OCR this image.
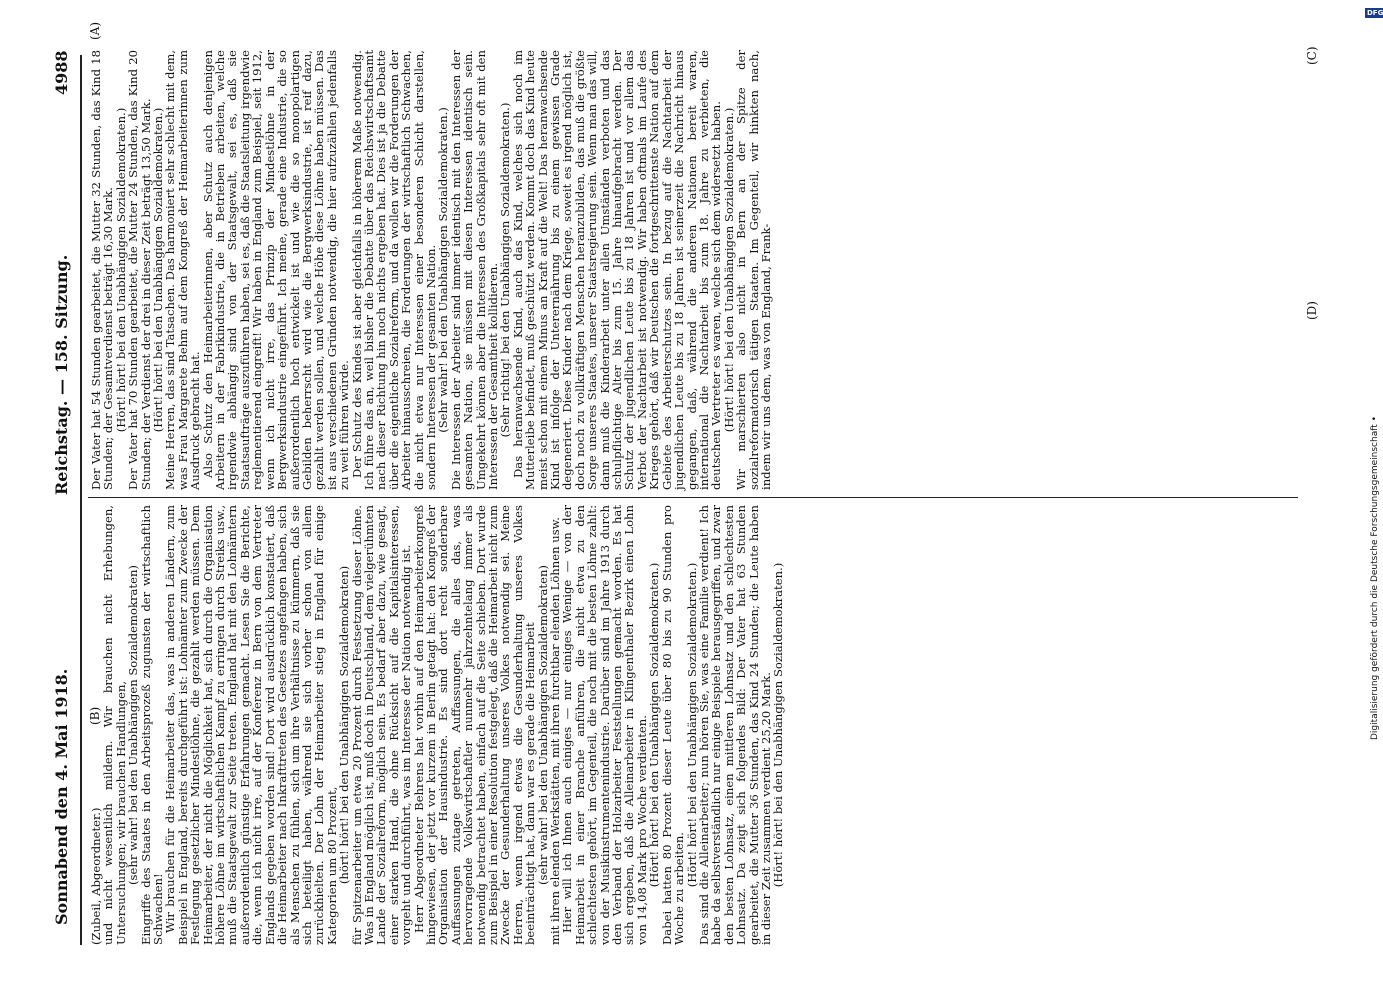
4988
Reichstag. — 158. Sitzung.
Sonnabend den 4. Mai 1918.
(A)
(B)
(C)
(D)

(Zubeil, Abgeordneter.)

und nicht wesentlich mildern. Wir brauchen nicht Erhebungen, Untersuchungen; wir brauchen Handlungen,

(sehr wahr! bei den Unabhängigen Sozialdemokraten)

Eingriffe des Staates in den Arbeitsprozeß zugunsten der wirtschaftlich Schwachen!

Wir brauchen für die Heimarbeiter das, was in anderen Ländern, zum Beispiel in England, bereits durchgeführt ist: Lohnämter zum Zwecke der Festlegung gesetzlicher Mindestlöhne, die gezahlt werden müssen. Dem Heimarbeiter, der nicht die Möglichkeit hat, sich durch die Organisation höhere Löhne im wirtschaftlichen Kampf zu erringen durch Streiks usw., muß die Staatsgewalt zur Seite treten. England hat mit den Lohnämtern außerordentlich günstige Erfahrungen gemacht. Lesen Sie die Berichte, die, wenn ich nicht irre, auf der Konferenz in Bern von dem Vertreter Englands gegeben worden sind! Dort wird ausdrücklich konstatiert, daß die Heimarbeiter nach Inkrafttreten des Gesetzes angefangen haben, sich als Menschen zu fühlen, sich um ihre Verhältnisse zu kümmern, daß sie sich beteiligt haben, während sie sich vorher schon von allem zurückhielten. Der Lohn der Heimarbeiter stieg in England für einige Kategorien um 80 Prozent,

(hört! hört! bei den Unabhängigen Sozialdemokraten)

für Spitzenarbeiter um etwa 20 Prozent durch Festsetzung dieser Löhne. Was in England möglich ist, muß doch in Deutschland, dem vielgerühmten Lande der Sozialreform, möglich sein. Es bedarf aber dazu, wie gesagt, einer starken Hand, die ohne Rücksicht auf die Kapitalsinteressen, vorgeht und durchführt, was im Interesse der Nation notwendig ist.

Herr Abgeordneter Behrens hat vorhin auf den Heimarbeiterkongreß hingewiesen, der jetzt vor kurzem in Berlin getagt hat: den Kongreß der Organisation der Hausindustrie. Es sind dort recht sonderbare Auffassungen zutage getreten, Auffassungen, die alles das, was hervorragende Volkswirtschaftler nunmehr jahrzehntelang immer als notwendig betrachtet haben, einfach auf die Seite schieben. Dort wurde zum Beispiel in einer Resolution festgelegt, daß die Heimarbeit nicht zum Zwecke der Gesunderhaltung unseres Volkes notwendig sei. Meine Herren, wenn irgend etwas die Gesunderhaltung unseres Volkes beeinträchtigt hat, dann war es gerade die Heimarbeit

(sehr wahr! bei den Unabhängigen Sozialdemokraten)

mit ihren elenden Werkstätten, mit ihren furchtbar elenden Löhnen usw.

Hier will ich Ihnen auch einiges — nur einiges Wenige — von der Heimarbeit in einer Branche anführen, die nicht etwa zu den schlechtesten gehört, im Gegenteil, die noch mit die besten Löhne zahlt: von der Musikinstrumentenindustrie. Darüber sind im Jahre 1913 durch den Verband der Holzarbeiter Feststellungen gemacht worden. Es hat sich ergeben, daß die Alleinarbeiter in Klingenthaler Bezirk einen Lohn von 14,08 Mark pro Woche verdienten.

(Hört! hört! bei den Unabhängigen Sozialdemokraten.)

Dabei hatten 80 Prozent dieser Leute über 80 bis zu 90 Stunden pro Woche zu arbeiten.

(Hört! hört! bei den Unabhängigen Sozialdemokraten.)

Das sind die Alleinarbeiter; nun hören Sie, was eine Familie verdient! Ich habe da selbstverständlich nur einige Beispiele herausgegriffen, und zwar den besten Lohnsatz, einen mittleren Lohnsatz und den schlechtesten Lohnsatz. Da zeigt sich folgendes Bild: Der Vater hat 63 Stunden gearbeitet, die Mutter 36 Stunden, das Kind 24 Stunden; die Leute haben in dieser Zeit zusammen verdient 25,20 Mark.

(Hört! hört! bei den Unabhängigen Sozialdemokraten.)

Der Vater hat 54 Stunden gearbeitet, die Mutter 32 Stunden, das Kind 18 Stunden; der Gesamtverdienst beträgt 16,30 Mark.

(Hört! hört! bei den Unabhängigen Sozialdemokraten.)

Der Vater hat 70 Stunden gearbeitet, die Mutter 24 Stunden, das Kind 20 Stunden; der Verdienst der drei in dieser Zeit beträgt 13,50 Mark.

(Hört! hört! bei den Unabhängigen Sozialdemokraten.)

Meine Herren, das sind Tatsachen. Das harmoniert sehr schlecht mit dem, was Frau Margarete Behm auf dem Kongreß der Heimarbeiterinnen zum Ausdruck gebracht hat.

Also Schutz den Heimarbeiterinnen, aber Schutz auch denjenigen Arbeitern in der Fabrikindustrie, die in Betrieben arbeiten, welche irgendwie abhängig sind von der Staatsgewalt, sei es, daß sie Staatsaufträge auszuführen haben, sei es, daß die Staatsleitung irgendwie reglementierend eingreift! Wir haben in England zum Beispiel, seit 1912, wenn ich nicht irre, das Prinzip der Mindestlöhne in der Bergwerksindustrie eingeführt. Ich meine, gerade eine Industrie, die so außerordentlich hoch entwickelt ist und wie die so monopolartigen Gebilden beherrscht wird wie die Bergwerksindustrie, ist reif dazu, gezahlt werden sollen, und welche Höhe diese Löhne haben müssen. Das ist aus verschiedenen Gründen notwendig, die hier aufzuzählen jedenfalls zu weit führen würde.

Der Schutz des Kindes ist aber gleichfalls in höherem Maße notwendig. Ich führe das an, weil bisher die Debatte über das Reichswirtschaftsamt nach dieser Richtung hin noch nichts ergeben hat. Dies ist ja die Debatte über die eigentliche Sozialreform, und da wollen wir die Forderungen der Arbeiter hinausschreien, die Forderungen der wirtschaftlich Schwachen, die nicht etwa nur Interessen einer besonderen Schicht darstellen, sondern Interessen der gesamten Nation.

(Sehr wahr! bei den Unabhängigen Sozialdemokraten.)

Die Interessen der Arbeiter sind immer identisch mit den Interessen der gesamten Nation, sie müssen mit diesen Interessen identisch sein. Umgekehrt können aber die Interessen des Großkapitals sehr oft mit den Interessen der Gesamtheit kollidieren.

(Sehr richtig! bei den Unabhängigen Sozialdemokraten.)

Das heranwachsende Kind, auch das Kind, welches sich noch im Mutterleibe befindet, muß geschützt werden. Kommt doch das Kind heute meist schon mit einem Minus an Kraft auf die Welt! Das heranwachsende Kind ist infolge der Unterernährung bis zu einem gewissen Grade degeneriert. Diese Kinder nach dem Kriege, soweit es irgend möglich ist, doch noch zu vollkräftigen Menschen heranzubilden, das muß die größte Sorge unseres Staates, unserer Staatsregierung sein. Wenn man das will, dann muß die Kinderarbeit unter allen Umständen verboten und das schulpflichtige Alter bis zum 15. Jahre hinaufgebracht werden. Der Schutz der jugendlichen Leute bis zu 18 Jahren ist und vor allem das Verbot der Nachtarbeit ist notwendig. Wir haben oftmals im Laufe des Krieges gehört, daß wir Deutschen die fortgeschrittenste Nation auf dem Gebiete des Arbeiterschutzes sein. In bezug auf die Nachtarbeit der jugendlichen Leute bis zu 18 Jahren ist seinerzeit die Nachricht hinaus gegangen, daß, während die anderen Nationen bereit waren, international die Nachtarbeit bis zum 18. Jahre zu verbieten, die deutschen Vertreter es waren, welche sich dem widersetzt haben.

(Hört! hört! bei den Unabhängigen Sozialdemokraten.)

Wir marschierten also nicht in Bern an der Spitze der sozialreformatorisch tätigen Staaten. Im Gegenteil, wir hinkten nach, indem wir uns dem, was von England, Frank-

Digitalisierung gefördert durch die Deutsche Forschungsgemeinschaft •
DFG
